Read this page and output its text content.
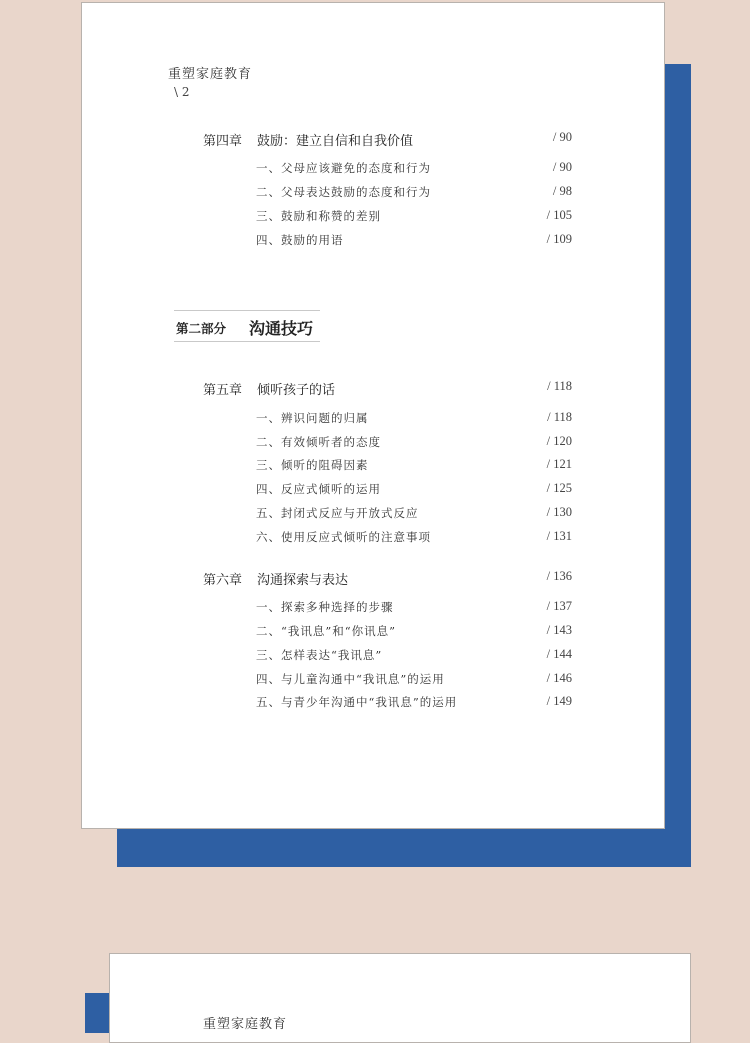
重塑家庭教育
\ 2
第四章 鼓励：建立自信和自我价值	/ 90
一、父母应该避免的态度和行为	/ 90
二、父母表达鼓励的态度和行为	/ 98
三、鼓励和称赞的差别	/ 105
四、鼓励的用语	/ 109
第二部分 沟通技巧
第五章 倾听孩子的话	/ 118
一、辨识问题的归属	/ 118
二、有效倾听者的态度	/ 120
三、倾听的阻碍因素	/ 121
四、反应式倾听的运用	/ 125
五、封闭式反应与开放式反应	/ 130
六、使用反应式倾听的注意事项	/ 131
第六章 沟通探索与表达	/ 136
一、探索多种选择的步骤	/ 137
二、“我讯息”和“你讯息”	/ 143
三、怎样表达“我讯息”	/ 144
四、与儿童沟通中“我讯息”的运用	/ 146
五、与青少年沟通中“我讯息”的运用	/ 149
重塑家庭教育
